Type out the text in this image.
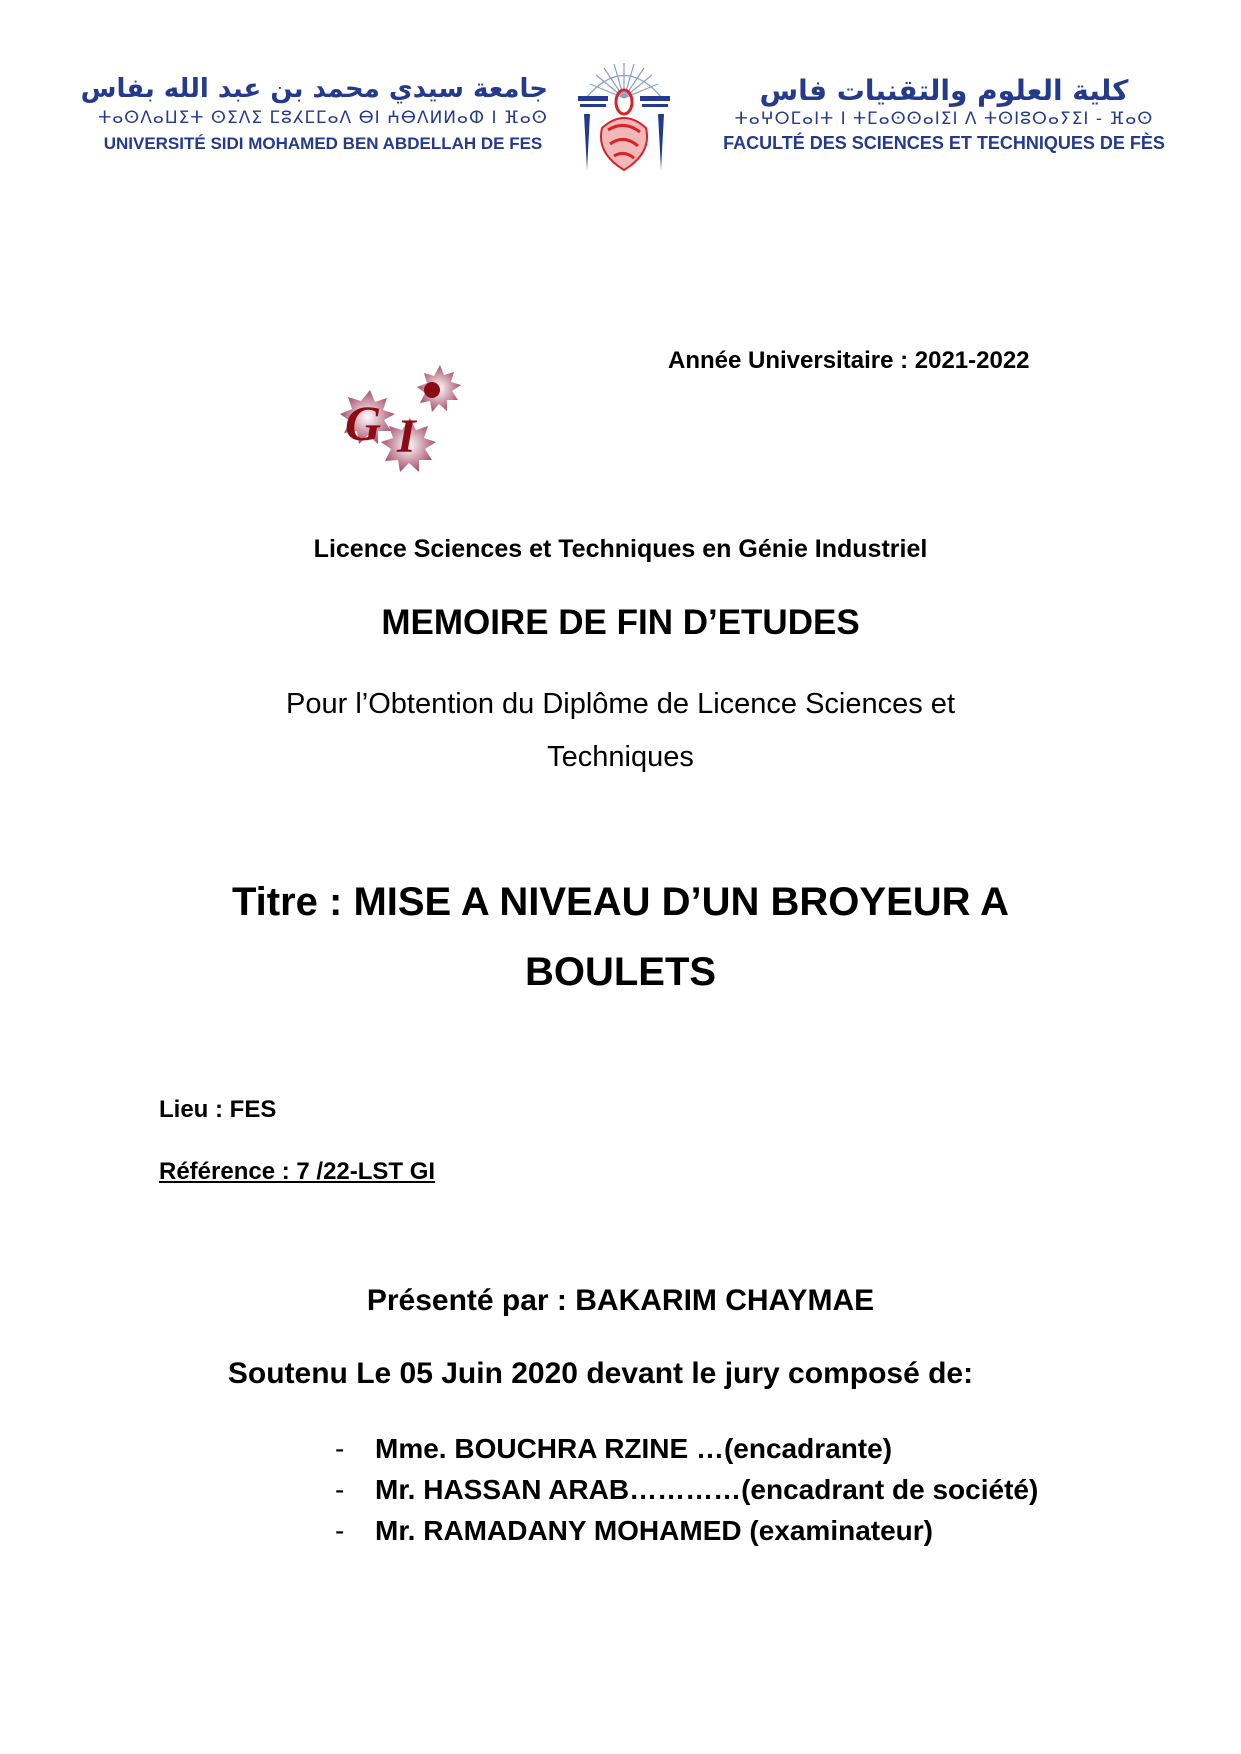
جامعة سيدي محمد بن عبد الله بفاس
ⵜⴰⵙⴷⴰⵡⵉⵜ ⵙⵉⴷⵉ ⵎⵓⵃⵎⵎⴰⴷ ⴱⵏ ⵄⴱⴷⵍⵍⴰⵀ ⵏ ⴼⴰⵙ
UNIVERSITÉ SIDI MOHAMED BEN ABDELLAH DE FES
كلية العلوم والتقنيات فاس
ⵜⴰⵖⵔⵎⴰⵏⵜ ⵏ ⵜⵎⴰⵙⵙⴰⵏⵉⵏ ⴷ ⵜⵙⵏⵓⵔⴰⵢⵉⵏ - ⴼⴰⵙ
FACULTÉ DES SCIENCES ET TECHNIQUES DE FÈS
Année Universitaire : 2021-2022
G I
Licence Sciences et Techniques en Génie Industriel
MEMOIRE DE FIN D’ETUDES
Pour l’Obtention du Diplôme de Licence Sciences et
Techniques
Titre : MISE A NIVEAU D’UN BROYEUR A
BOULETS
Lieu : FES
Référence : 7 /22-LST GI
Présenté par : BAKARIM CHAYMAE
Soutenu Le 05 Juin 2020 devant le jury composé de:
-	Mme. BOUCHRA RZINE …(encadrante)
-	Mr. HASSAN ARAB…………(encadrant de société)
-	Mr. RAMADANY MOHAMED (examinateur)
